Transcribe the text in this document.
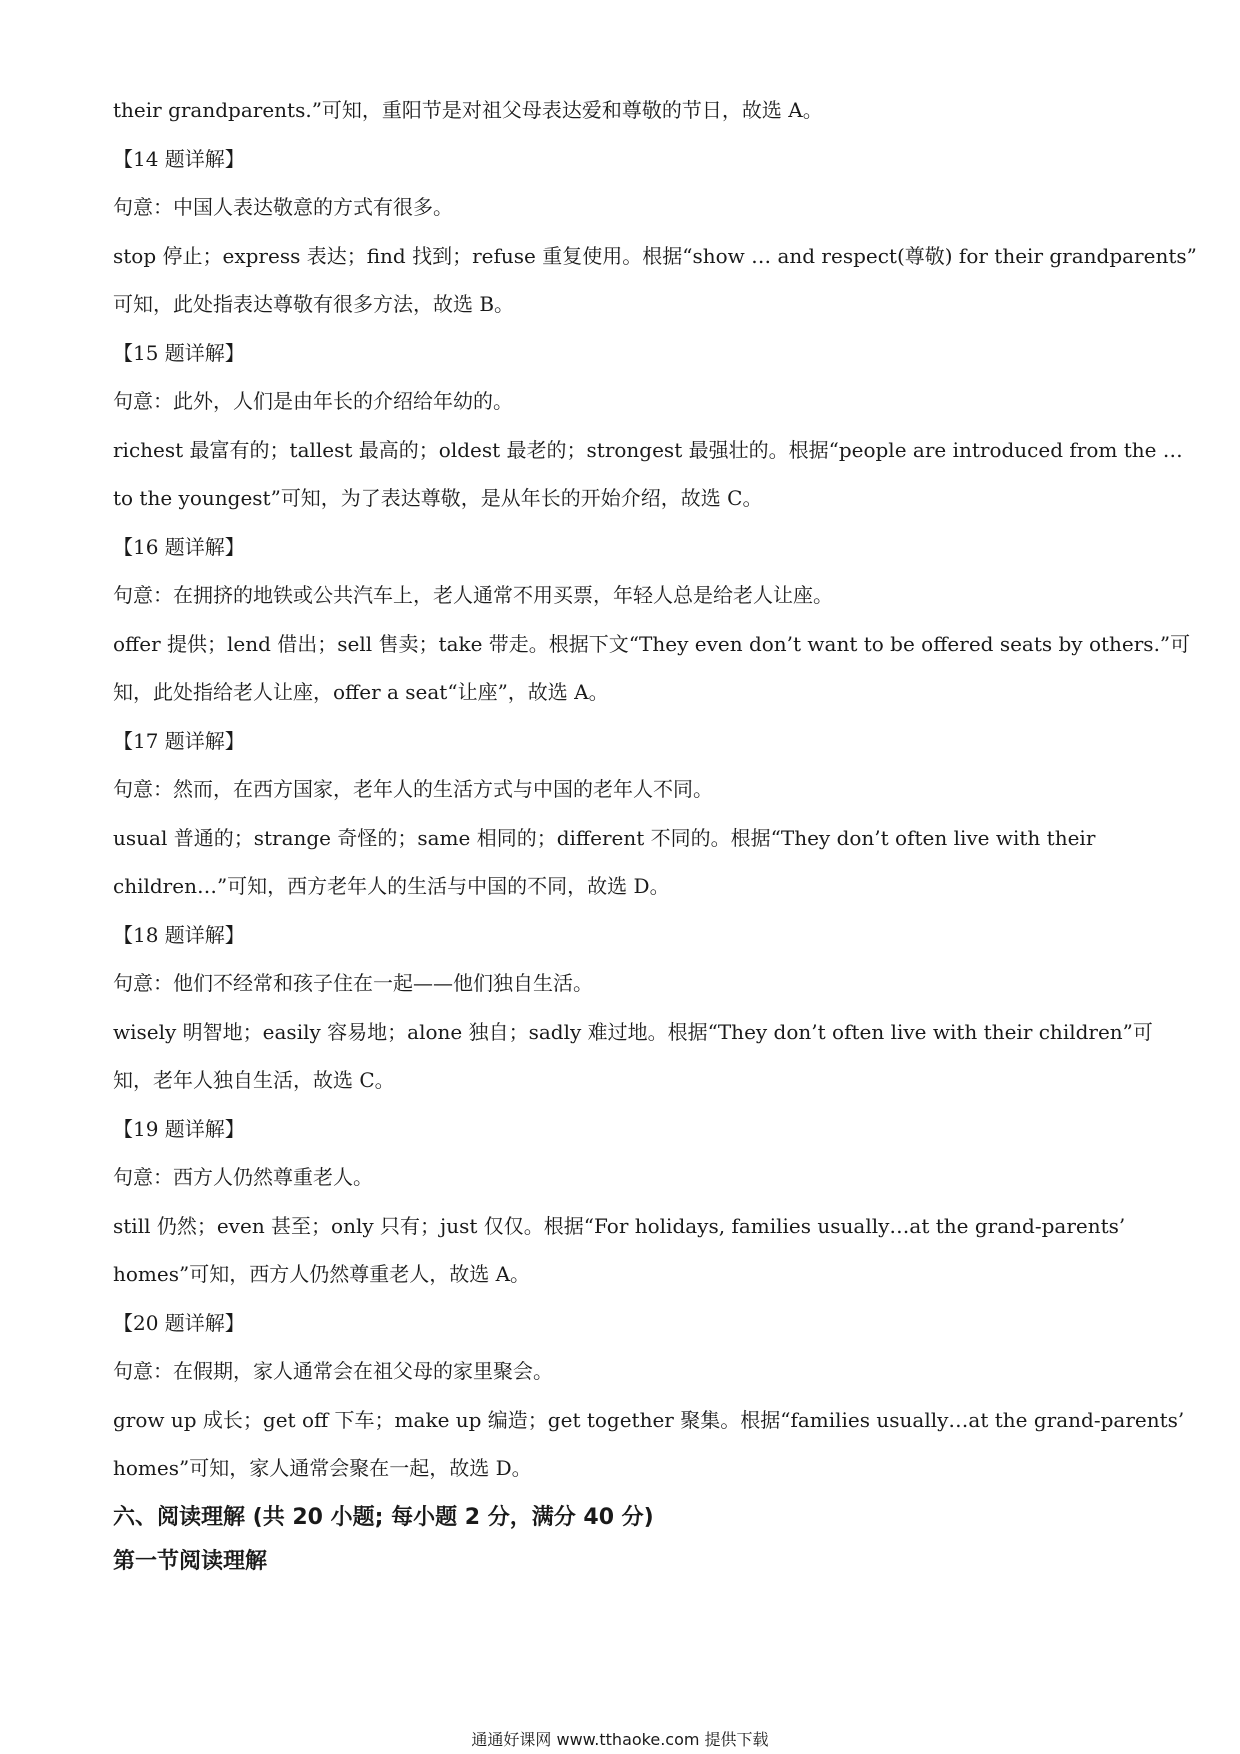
their grandparents.”可知，重阳节是对祖父母表达爱和尊敬的节日，故选 A。

【14 题详解】

句意：中国人表达敬意的方式有很多。

stop 停止；express 表达；find 找到；refuse 重复使用。根据“show … and respect(尊敬) for their grandparents”

可知，此处指表达尊敬有很多方法，故选 B。

【15 题详解】

句意：此外，人们是由年长的介绍给年幼的。

richest 最富有的；tallest 最高的；oldest 最老的；strongest 最强壮的。根据“people are introduced from the …

to the youngest”可知，为了表达尊敬，是从年长的开始介绍，故选 C。

【16 题详解】

句意：在拥挤的地铁或公共汽车上，老人通常不用买票，年轻人总是给老人让座。

offer 提供；lend 借出；sell 售卖；take 带走。根据下文“They even don’t want to be offered seats by others.”可

知，此处指给老人让座，offer a seat“让座”，故选 A。

【17 题详解】

句意：然而，在西方国家，老年人的生活方式与中国的老年人不同。

usual 普通的；strange 奇怪的；same 相同的；different 不同的。根据“They don’t often live with their

children…”可知，西方老年人的生活与中国的不同，故选 D。

【18 题详解】

句意：他们不经常和孩子住在一起——他们独自生活。

wisely 明智地；easily 容易地；alone 独自；sadly 难过地。根据“They don’t often live with their children”可

知，老年人独自生活，故选 C。

【19 题详解】

句意：西方人仍然尊重老人。

still 仍然；even 甚至；only 只有；just 仅仅。根据“For holidays, families usually…at the grand-parents’

homes”可知，西方人仍然尊重老人，故选 A。

【20 题详解】

句意：在假期，家人通常会在祖父母的家里聚会。

grow up 成长；get off 下车；make up 编造；get together 聚集。根据“families usually…at the grand-parents’

homes”可知，家人通常会聚在一起，故选 D。

六、阅读理解 (共 20 小题; 每小题 2 分，满分 40 分)

第一节阅读理解

通通好课网 www.tthaoke.com 提供下载
